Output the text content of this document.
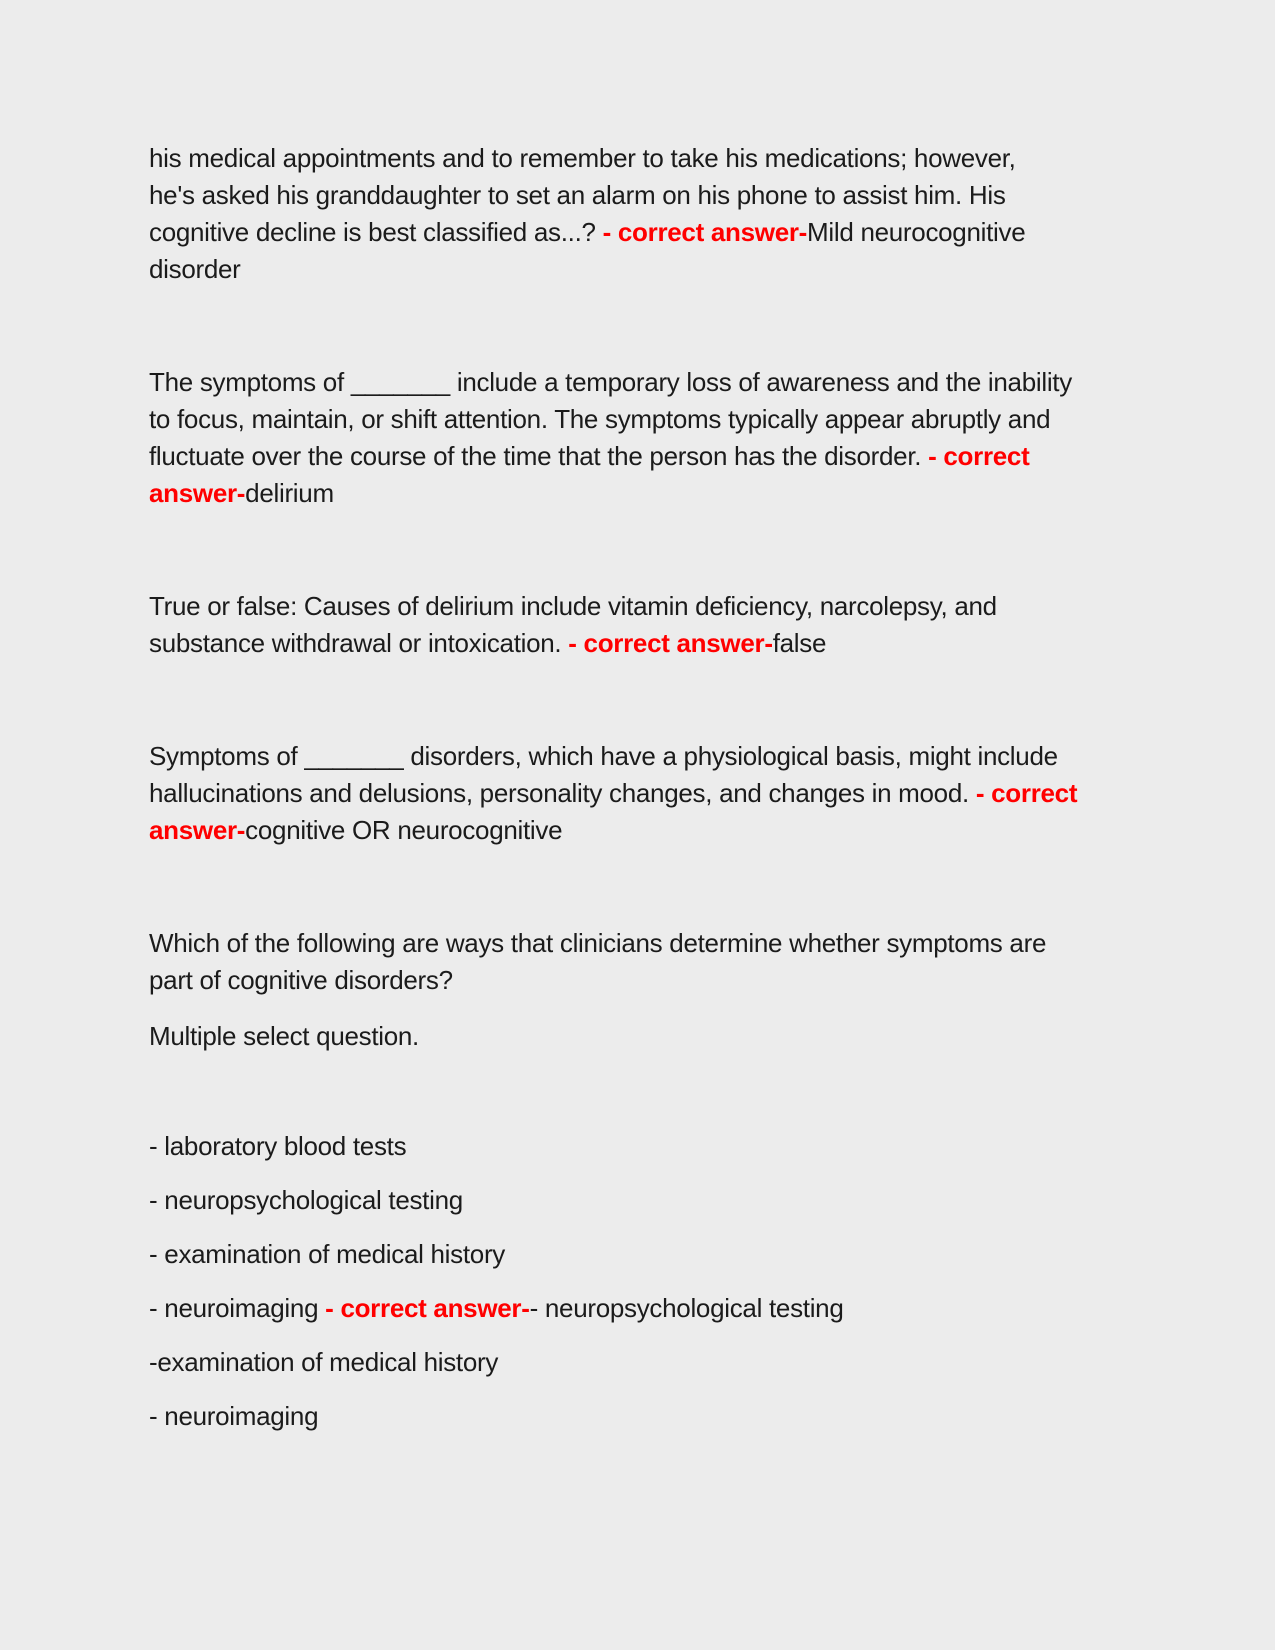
his medical appointments and to remember to take his medications; however,
he's asked his granddaughter to set an alarm on his phone to assist him. His
cognitive decline is best classified as...? - correct answer-Mild neurocognitive
disorder
The symptoms of _______ include a temporary loss of awareness and the inability
to focus, maintain, or shift attention. The symptoms typically appear abruptly and
fluctuate over the course of the time that the person has the disorder. - correct
answer-delirium
True or false: Causes of delirium include vitamin deficiency, narcolepsy, and
substance withdrawal or intoxication. - correct answer-false
Symptoms of _______ disorders, which have a physiological basis, might include
hallucinations and delusions, personality changes, and changes in mood. - correct
answer-cognitive OR neurocognitive
Which of the following are ways that clinicians determine whether symptoms are
part of cognitive disorders?
Multiple select question.
- laboratory blood tests
- neuropsychological testing
- examination of medical history
- neuroimaging - correct answer-- neuropsychological testing
-examination of medical history
- neuroimaging
